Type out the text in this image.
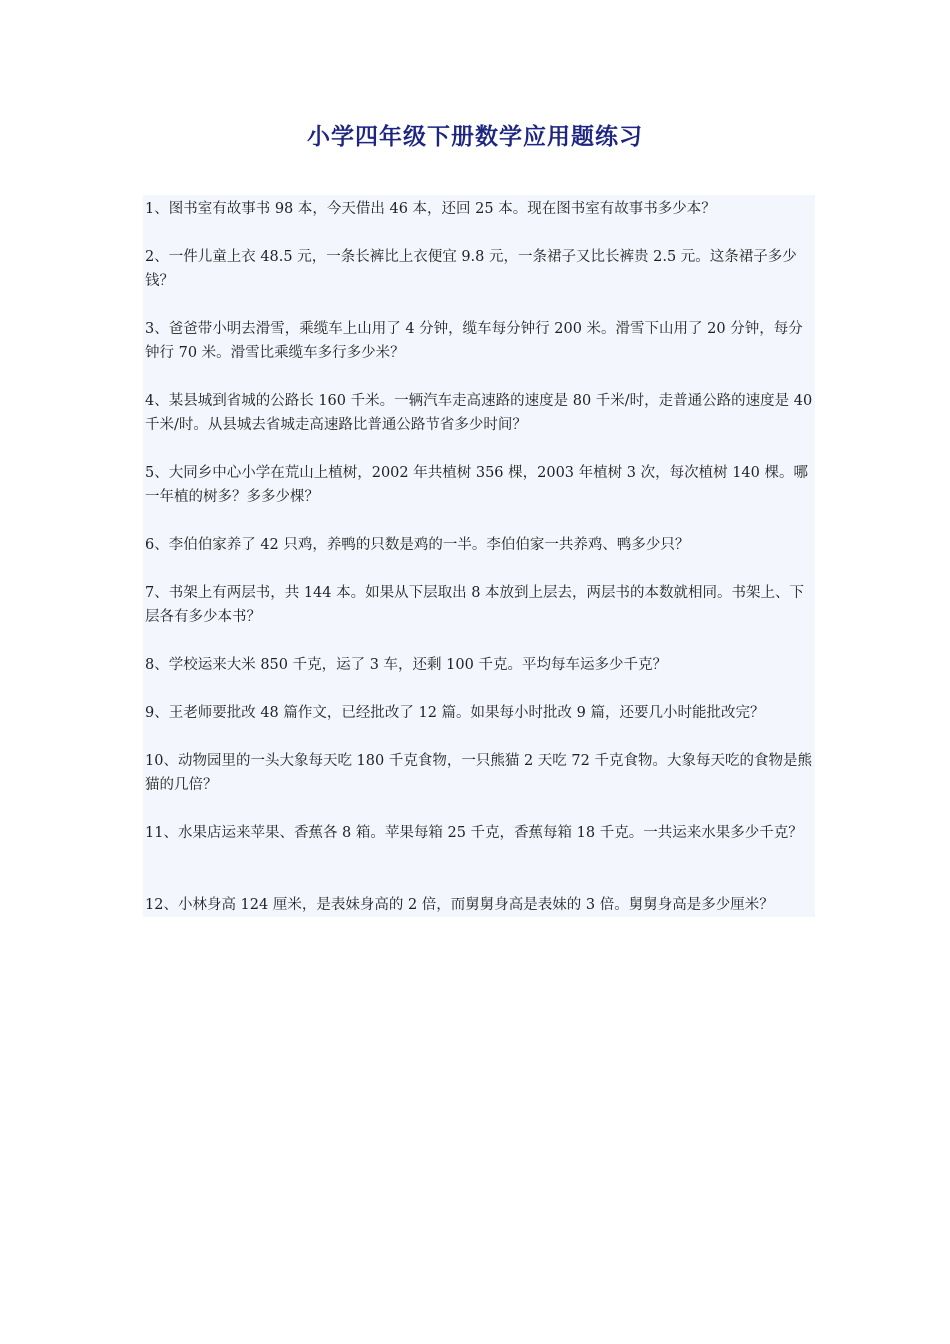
小学四年级下册数学应用题练习
1、图书室有故事书 98 本，今天借出 46 本，还回 25 本。现在图书室有故事书多少本？
2、一件儿童上衣 48.5 元，一条长裤比上衣便宜 9.8 元，一条裙子又比长裤贵 2.5 元。这条裙子多少钱？
3、爸爸带小明去滑雪，乘缆车上山用了 4 分钟，缆车每分钟行 200 米。滑雪下山用了 20 分钟，每分钟行 70 米。滑雪比乘缆车多行多少米？
4、某县城到省城的公路长 160 千米。一辆汽车走高速路的速度是 80 千米/时，走普通公路的速度是 40 千米/时。从县城去省城走高速路比普通公路节省多少时间？
5、大同乡中心小学在荒山上植树，2002 年共植树 356 棵，2003 年植树 3 次，每次植树 140 棵。哪一年植的树多？多多少棵？
6、李伯伯家养了 42 只鸡，养鸭的只数是鸡的一半。李伯伯家一共养鸡、鸭多少只？
7、书架上有两层书，共 144 本。如果从下层取出 8 本放到上层去，两层书的本数就相同。书架上、下层各有多少本书？
8、学校运来大米 850 千克，运了 3 车，还剩 100 千克。平均每车运多少千克？
9、王老师要批改 48 篇作文，已经批改了 12 篇。如果每小时批改 9 篇，还要几小时能批改完？
10、动物园里的一头大象每天吃 180 千克食物，一只熊猫 2 天吃 72 千克食物。大象每天吃的食物是熊猫的几倍？
11、水果店运来苹果、香蕉各 8 箱。苹果每箱 25 千克，香蕉每箱 18 千克。一共运来水果多少千克？
12、小林身高 124 厘米，是表妹身高的 2 倍，而舅舅身高是表妹的 3 倍。舅舅身高是多少厘米？
